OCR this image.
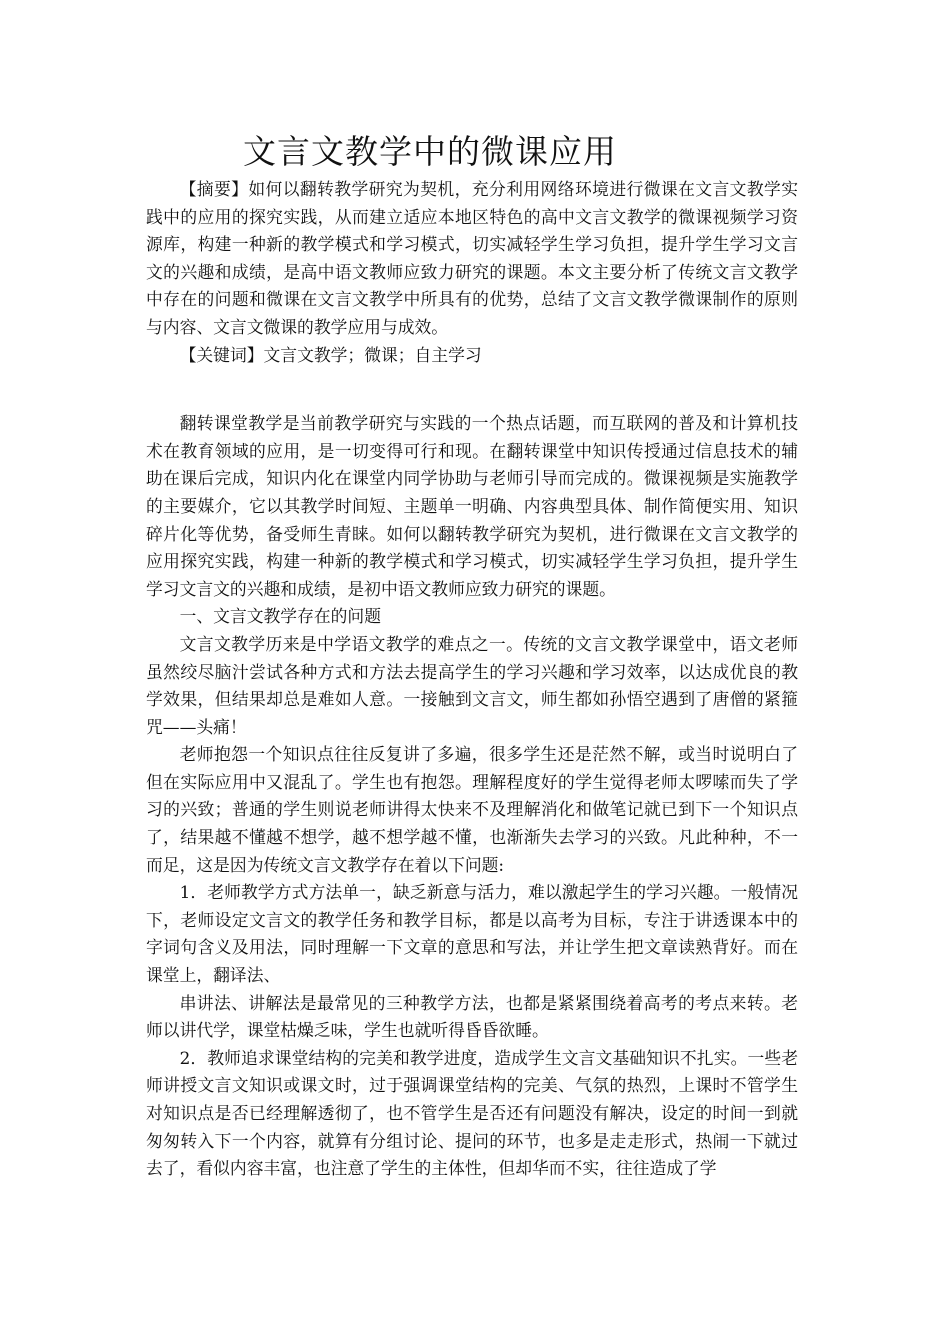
文言文教学中的微课应用

【摘要】如何以翻转教学研究为契机，充分利用网络环境进行微课在文言文教学实践中的应用的探究实践，从而建立适应本地区特色的高中文言文教学的微课视频学习资源库，构建一种新的教学模式和学习模式，切实减轻学生学习负担，提升学生学习文言文的兴趣和成绩，是高中语文教师应致力研究的课题。本文主要分析了传统文言文教学中存在的问题和微课在文言文教学中所具有的优势，总结了文言文教学微课制作的原则与内容、文言文微课的教学应用与成效。

【关键词】文言文教学；微课；自主学习

翻转课堂教学是当前教学研究与实践的一个热点话题，而互联网的普及和计算机技术在教育领域的应用，是一切变得可行和现。在翻转课堂中知识传授通过信息技术的辅助在课后完成，知识内化在课堂内同学协助与老师引导而完成的。微课视频是实施教学的主要媒介，它以其教学时间短、主题单一明确、内容典型具体、制作简便实用、知识碎片化等优势，备受师生青睐。如何以翻转教学研究为契机，进行微课在文言文教学的应用探究实践，构建一种新的教学模式和学习模式，切实减轻学生学习负担，提升学生学习文言文的兴趣和成绩，是初中语文教师应致力研究的课题。

一、文言文教学存在的问题

文言文教学历来是中学语文教学的难点之一。传统的文言文教学课堂中，语文老师虽然绞尽脑汁尝试各种方式和方法去提高学生的学习兴趣和学习效率，以达成优良的教学效果，但结果却总是难如人意。一接触到文言文，师生都如孙悟空遇到了唐僧的紧箍咒——头痛！

老师抱怨一个知识点往往反复讲了多遍，很多学生还是茫然不解，或当时说明白了但在实际应用中又混乱了。学生也有抱怨。理解程度好的学生觉得老师太啰嗦而失了学习的兴致；普通的学生则说老师讲得太快来不及理解消化和做笔记就已到下一个知识点了，结果越不懂越不想学，越不想学越不懂，也渐渐失去学习的兴致。凡此种种，不一而足，这是因为传统文言文教学存在着以下问题:

1．老师教学方式方法单一，缺乏新意与活力，难以激起学生的学习兴趣。一般情况下，老师设定文言文的教学任务和教学目标，都是以高考为目标，专注于讲透课本中的字词句含义及用法，同时理解一下文章的意思和写法，并让学生把文章读熟背好。而在课堂上，翻译法、

串讲法、讲解法是最常见的三种教学方法，也都是紧紧围绕着高考的考点来转。老师以讲代学，课堂枯燥乏味，学生也就听得昏昏欲睡。

2．教师追求课堂结构的完美和教学进度，造成学生文言文基础知识不扎实。一些老师讲授文言文知识或课文时，过于强调课堂结构的完美、气氛的热烈，上课时不管学生对知识点是否已经理解透彻了，也不管学生是否还有问题没有解决，设定的时间一到就匆匆转入下一个内容，就算有分组讨论、提问的环节，也多是走走形式，热闹一下就过去了，看似内容丰富，也注意了学生的主体性，但却华而不实，往往造成了学
